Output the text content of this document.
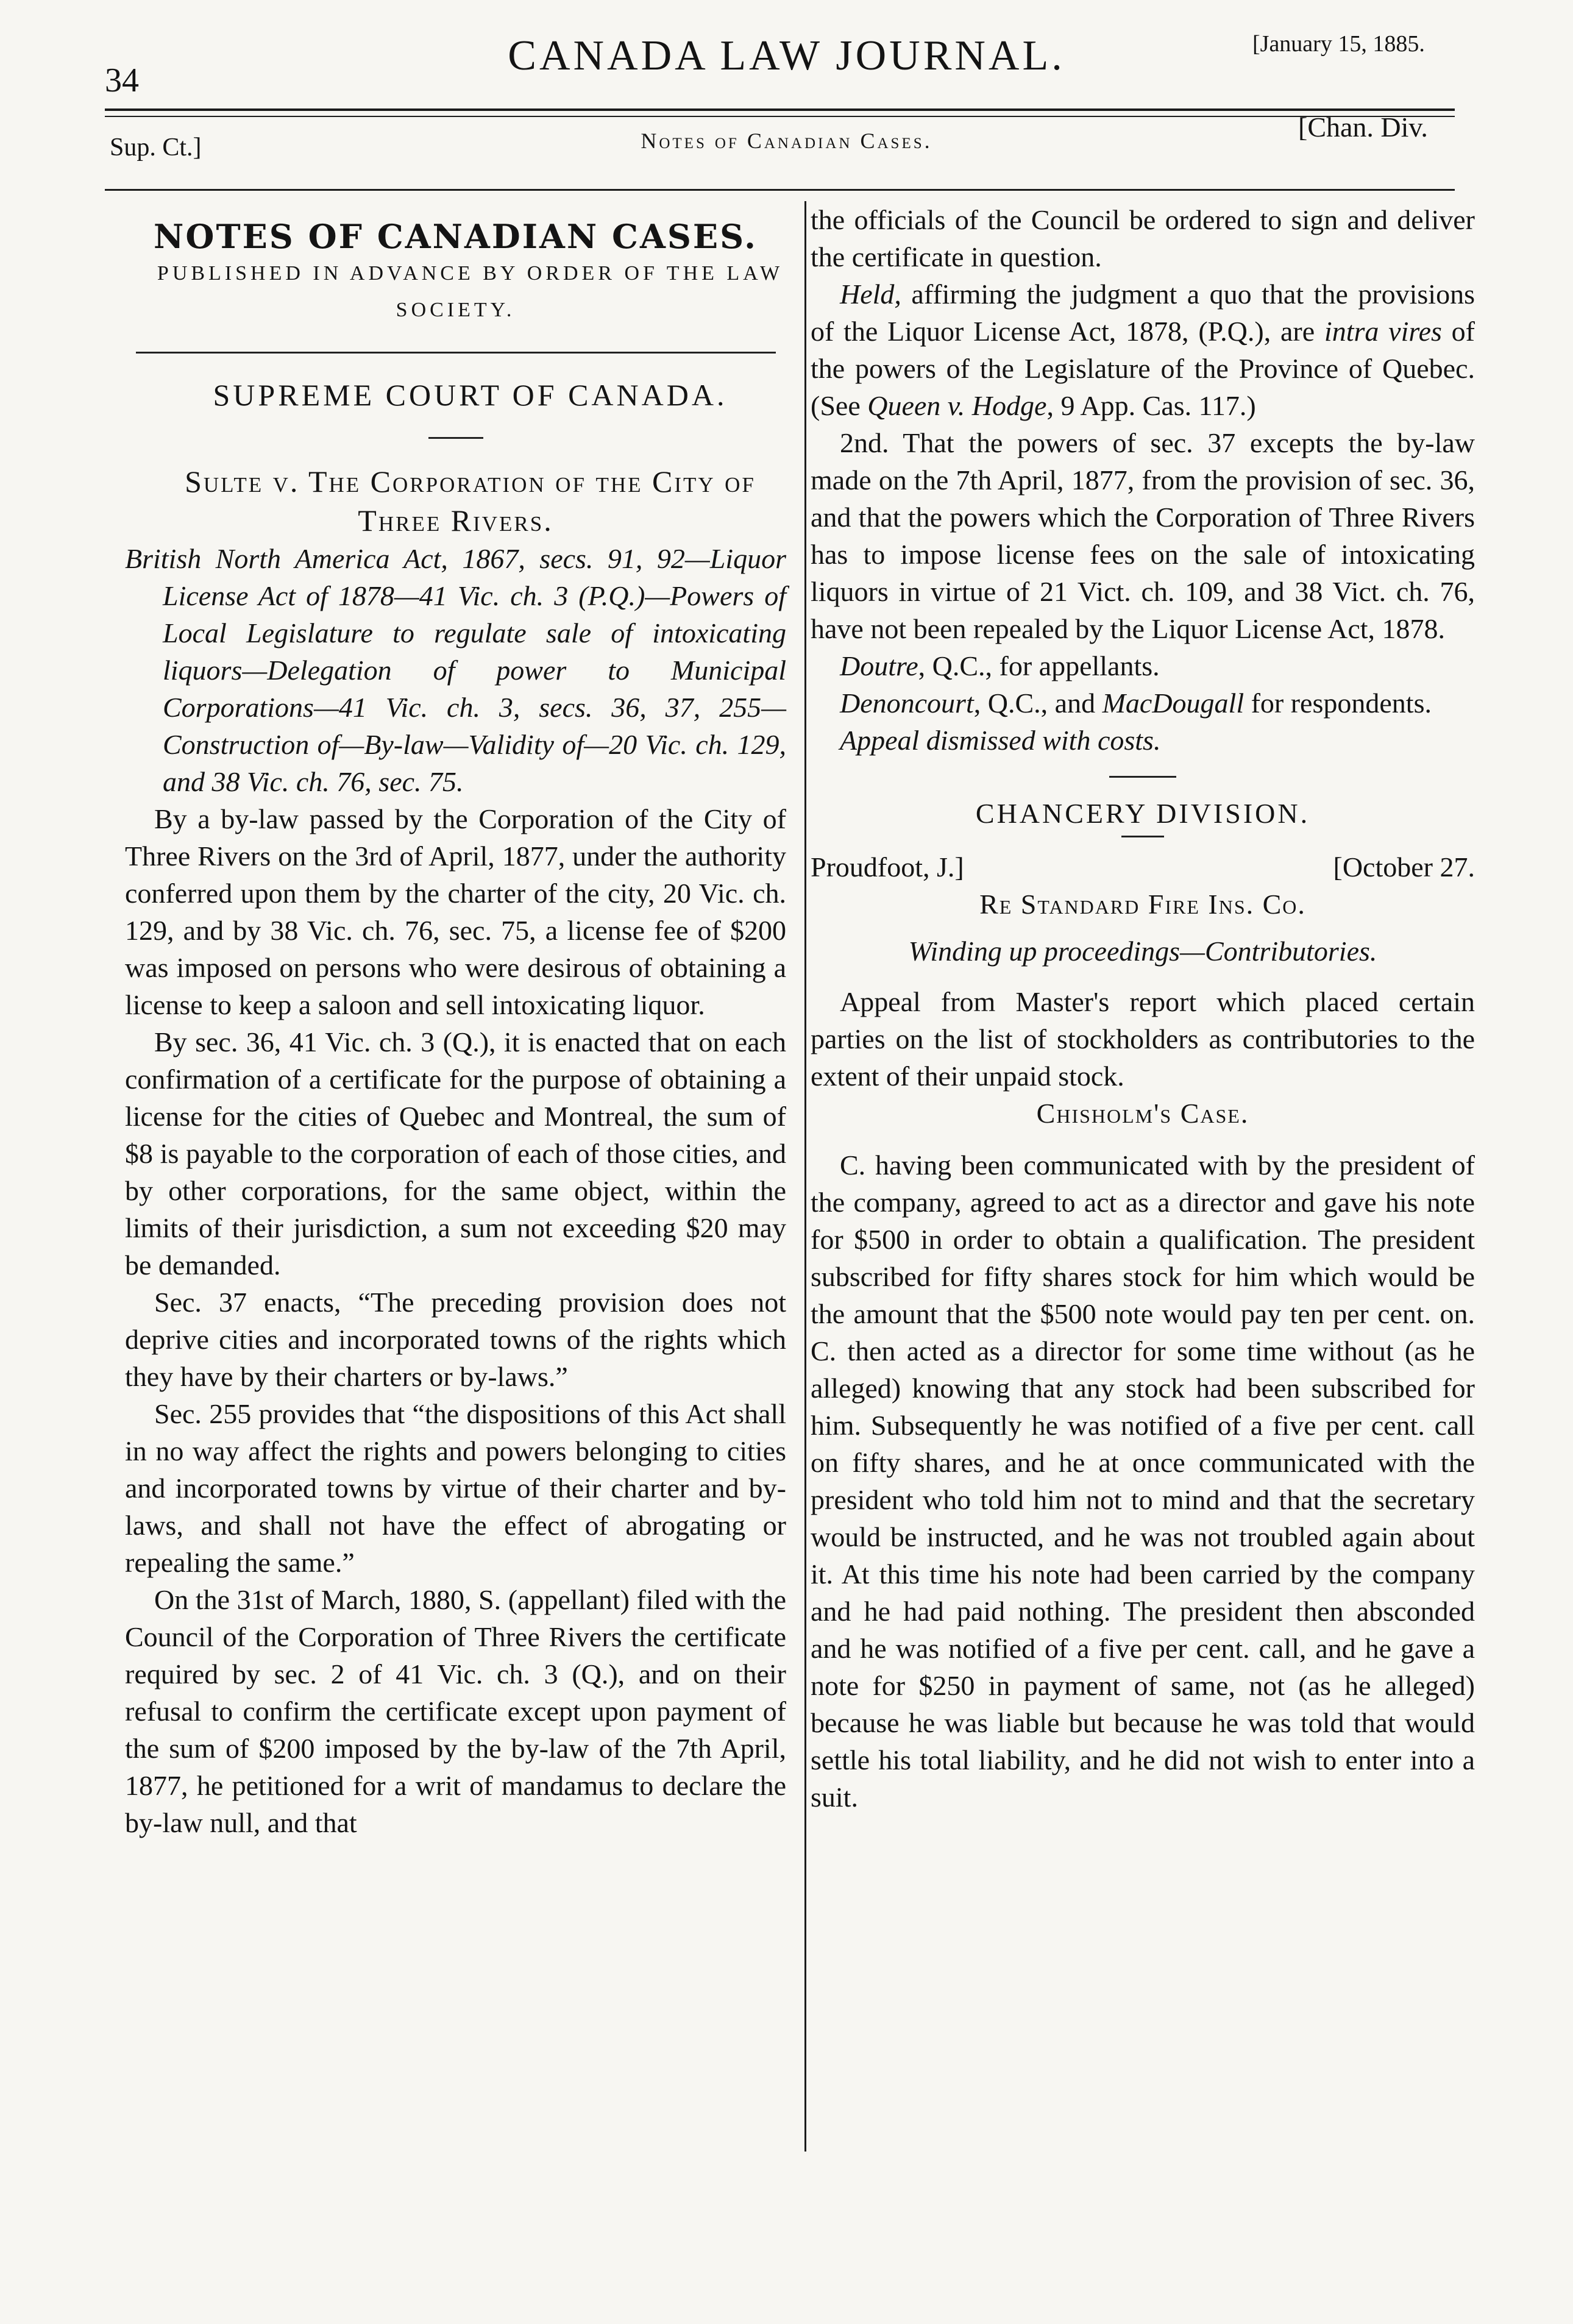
34
CANADA LAW JOURNAL.	[January 15, 1885.
Sup. Ct.]	Notes of Canadian Cases.	[Chan. Div.
NOTES OF CANADIAN CASES.

PUBLISHED IN ADVANCE BY ORDER OF THE LAW SOCIETY.

SUPREME COURT OF CANADA.

Sulte v. The Corporation of the City of Three Rivers.

British North America Act, 1867, secs. 91, 92—Liquor License Act of 1878—41 Vic. ch. 3 (P.Q.)—Powers of Local Legislature to regulate sale of intoxicating liquors—Delegation of power to Municipal Corporations—41 Vic. ch. 3, secs. 36, 37, 255—Construction of—By-law—Validity of—20 Vic. ch. 129, and 38 Vic. ch. 76, sec. 75.

By a by-law passed by the Corporation of the City of Three Rivers on the 3rd of April, 1877, under the authority conferred upon them by the charter of the city, 20 Vic. ch. 129, and by 38 Vic. ch. 76, sec. 75, a license fee of $200 was imposed on persons who were desirous of obtaining a license to keep a saloon and sell intoxicating liquor.

By sec. 36, 41 Vic. ch. 3 (Q.), it is enacted that on each confirmation of a certificate for the purpose of obtaining a license for the cities of Quebec and Montreal, the sum of $8 is payable to the corporation of each of those cities, and by other corporations, for the same object, within the limits of their jurisdiction, a sum not exceeding $20 may be demanded.

Sec. 37 enacts, “The preceding provision does not deprive cities and incorporated towns of the rights which they have by their charters or by-laws.”

Sec. 255 provides that “the dispositions of this Act shall in no way affect the rights and powers belonging to cities and incorporated towns by virtue of their charter and by-laws, and shall not have the effect of abrogating or repealing the same.”

On the 31st of March, 1880, S. (appellant) filed with the Council of the Corporation of Three Rivers the certificate required by sec. 2 of 41 Vic. ch. 3 (Q.), and on their refusal to confirm the certificate except upon payment of the sum of $200 imposed by the by-law of the 7th April, 1877, he petitioned for a writ of mandamus to declare the by-law null, and that

the officials of the Council be ordered to sign and deliver the certificate in question.

Held, affirming the judgment a quo that the provisions of the Liquor License Act, 1878, (P.Q.), are intra vires of the powers of the Legislature of the Province of Quebec. (See Queen v. Hodge, 9 App. Cas. 117.)

2nd. That the powers of sec. 37 excepts the by-law made on the 7th April, 1877, from the provision of sec. 36, and that the powers which the Corporation of Three Rivers has to impose license fees on the sale of intoxicating liquors in virtue of 21 Vict. ch. 109, and 38 Vict. ch. 76, have not been repealed by the Liquor License Act, 1878.

Doutre, Q.C., for appellants.

Denoncourt, Q.C., and MacDougall for respondents.

Appeal dismissed with costs.

CHANCERY DIVISION.

Proudfoot, J.]	[October 27.

Re Standard Fire Ins. Co.

Winding up proceedings—Contributories.

Appeal from Master's report which placed certain parties on the list of stockholders as contributories to the extent of their unpaid stock.

Chisholm's Case.

C. having been communicated with by the president of the company, agreed to act as a director and gave his note for $500 in order to obtain a qualification. The president subscribed for fifty shares stock for him which would be the amount that the $500 note would pay ten per cent. on. C. then acted as a director for some time without (as he alleged) knowing that any stock had been subscribed for him. Subsequently he was notified of a five per cent. call on fifty shares, and he at once communicated with the president who told him not to mind and that the secretary would be instructed, and he was not troubled again about it. At this time his note had been carried by the company and he had paid nothing. The president then absconded and he was notified of a five per cent. call, and he gave a note for $250 in payment of same, not (as he alleged) because he was liable but because he was told that would settle his total liability, and he did not wish to enter into a suit.
